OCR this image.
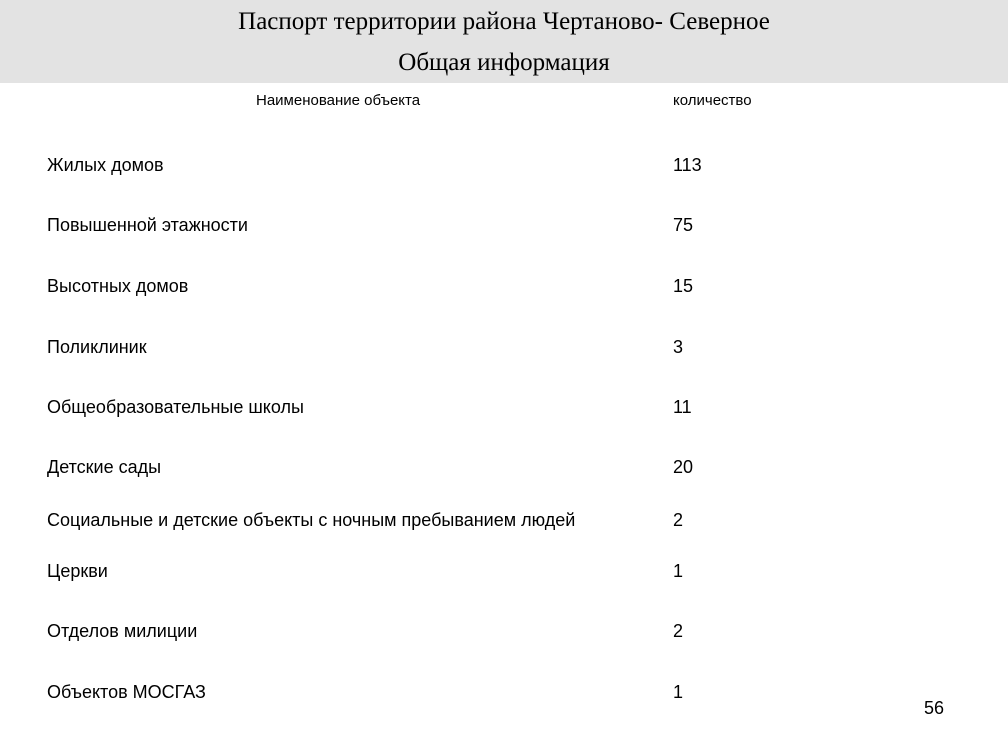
Паспорт территории района Чертаново- Северное
Общая информация
Наименование объекта	количество
Жилых домов	113
Повышенной этажности	75
Высотных домов	15
Поликлиник	3
Общеобразовательные школы	11
Детские сады	20
Социальные и детские объекты с ночным пребыванием людей	2
Церкви	1
Отделов милиции	2
Объектов МОСГАЗ	1
56
